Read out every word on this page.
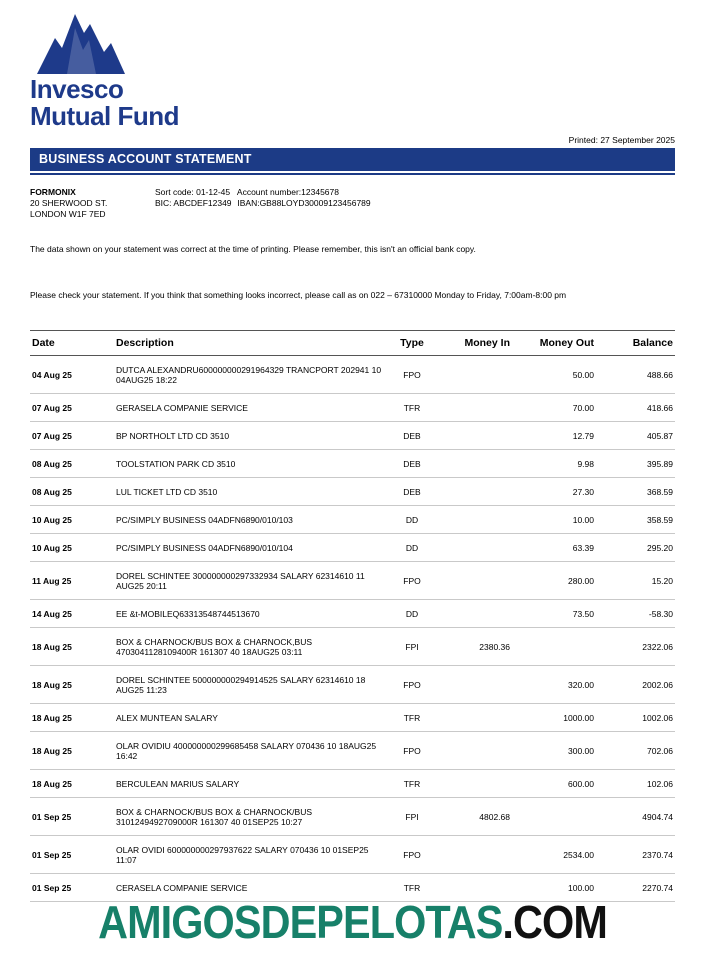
Invesco
Mutual Fund
Printed: 27 September 2025
BUSINESS ACCOUNT STATEMENT
FORMONIX
20 SHERWOOD ST.
LONDON W1F 7ED
Sort code: 01-12-45 Account number:12345678
BIC: ABCDEF12349 IBAN:GB88LOYD30009123456789

The data shown on your statement was correct at the time of printing. Please remember, this isn't an official bank copy.

Please check your statement. If you think that something looks incorrect, please call as on 022 – 67310000 Monday to Friday, 7:00am-8:00 pm

Date	Description	Type	Money In	Money Out	Balance
04 Aug 25	DUTCA ALEXANDRU600000000291964329 TRANCPORT 202941 10 04AUG25 18:22	FPO		50.00	488.66
07 Aug 25	GERASELA COMPANIE SERVICE	TFR		70.00	418.66
07 Aug 25	BP NORTHOLT LTD CD 3510	DEB		12.79	405.87
08 Aug 25	TOOLSTATION PARK CD 3510	DEB		9.98	395.89
08 Aug 25	LUL TICKET LTD CD 3510	DEB		27.30	368.59
10 Aug 25	PC/SIMPLY BUSINESS 04ADFN6890/010/103	DD		10.00	358.59
10 Aug 25	PC/SIMPLY BUSINESS 04ADFN6890/010/104	DD		63.39	295.20
11 Aug 25	DOREL SCHINTEE 300000000297332934 SALARY 62314610 11 AUG25 20:11	FPO		280.00	15.20
14 Aug 25	EE &t-MOBILEQ63313548744513670	DD		73.50	-58.30
18 Aug 25	BOX & CHARNOCK/BUS BOX & CHARNOCK,BUS 4703041128109400R 161307 40 18AUG25 03:11	FPI	2380.36		2322.06
18 Aug 25	DOREL SCHINTEE 500000000294914525 SALARY 62314610 18 AUG25 11:23	FPO		320.00	2002.06
18 Aug 25	ALEX MUNTEAN SALARY	TFR		1000.00	1002.06
18 Aug 25	OLAR OVIDIU 400000000299685458 SALARY 070436 10 18AUG25 16:42	FPO		300.00	702.06
18 Aug 25	BERCULEAN MARIUS SALARY	TFR		600.00	102.06
01 Sep 25	BOX & CHARNOCK/BUS BOX & CHARNOCK/BUS 3101249492709000R 161307 40 01SEP25 10:27	FPI	4802.68		4904.74
01 Sep 25	OLAR OVIDI 600000000297937622 SALARY 070436 10 01SEP25 11:07	FPO		2534.00	2370.74
01 Sep 25	CERASELA COMPANIE SERVICE	TFR		100.00	2270.74
AMIGOSDEPELOTAS.COM
